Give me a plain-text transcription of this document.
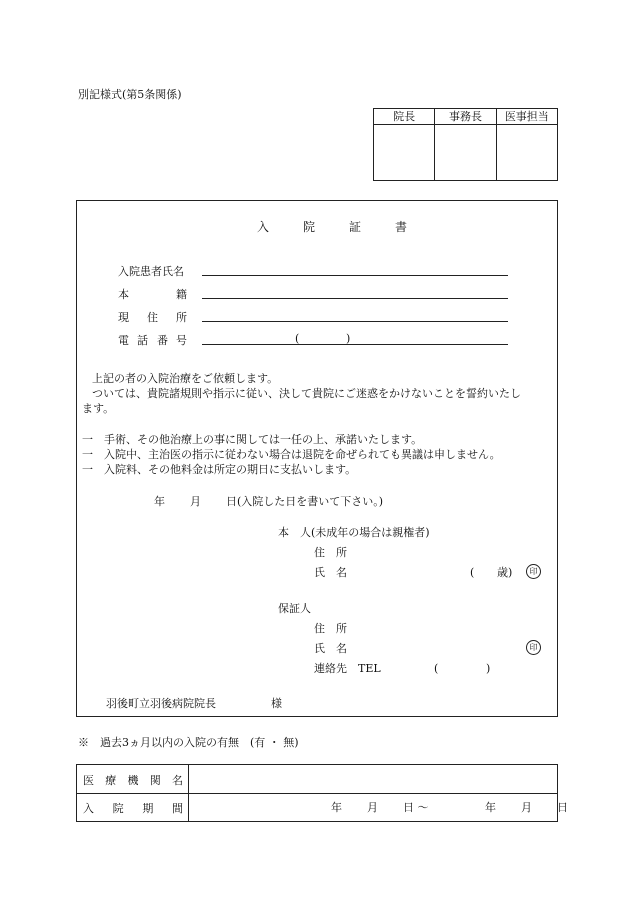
別記様式(第5条関係)
院長	事務長	医事担当
入	院	証	書
入院患者氏名
本	籍
現 住 所
電 話 番 号	(	)
上記の者の入院治療をご依頼します。
ついては、貴院諸規則や指示に従い、決して貴院にご迷惑をかけないことを誓約いたし
ます。
一　手術、その他治療上の事に関しては一任の上、承諾いたします。
一　入院中、主治医の指示に従わない場合は退院を命ぜられても異議は申しません。
一　入院料、その他料金は所定の期日に支払いします。
年 月 日(入院した日を書いて下さい。)
本　人(未成年の場合は親権者)
住　所
氏　名	( 歳)	印
保証人
住　所
氏　名	印
連絡先　TEL	(	)
羽後町立羽後病院院長	様
※　過去3ヵ月以内の入院の有無　(有 ・ 無)
医 療 機 関 名
入 院 期 間	年 月 日 〜	年 月 日
